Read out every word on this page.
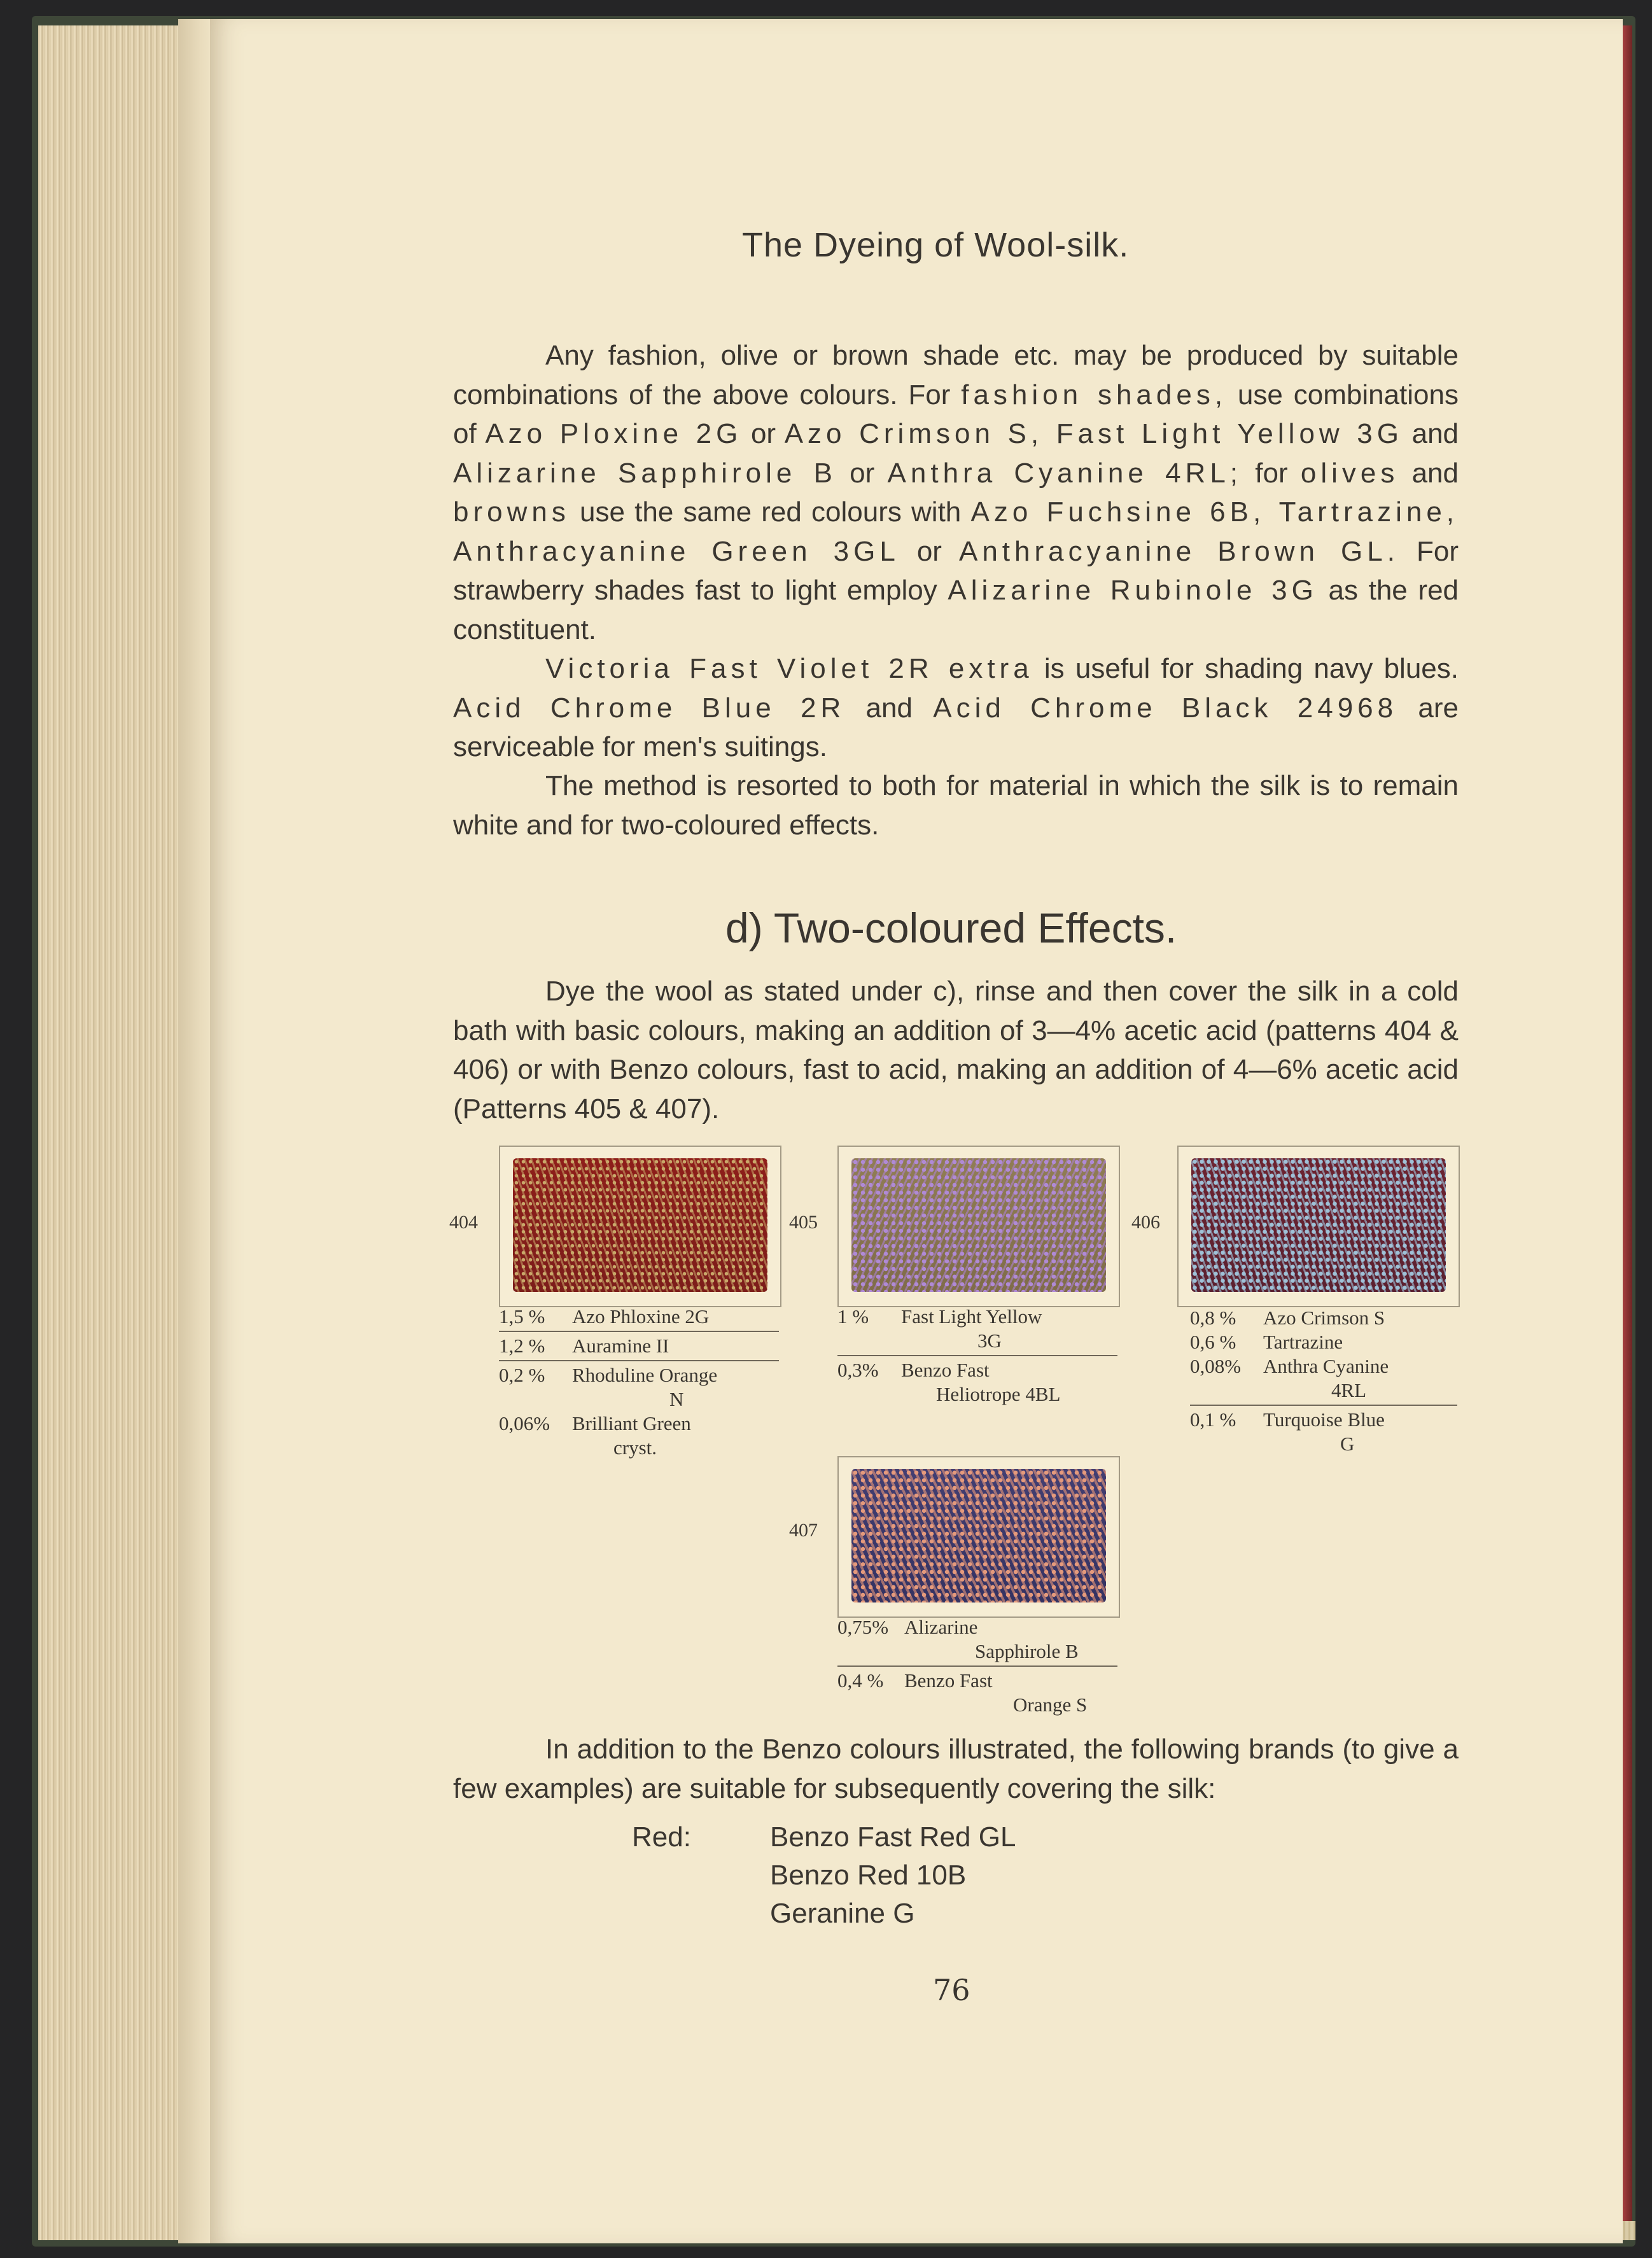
The Dyeing of Wool-silk.

Any fashion, olive or brown shade etc. may be produced by suitable combinations of the above colours. For fashion shades, use combinations of Azo Ploxine 2G or Azo Crimson S, Fast Light Yellow 3G and Alizarine Sapphirole B or Anthra Cyanine 4RL; for olives and browns use the same red colours with Azo Fuchsine 6B, Tartrazine, Anthracyanine Green 3GL or Anthracyanine Brown GL. For strawberry shades fast to light employ Alizarine Rubinole 3G as the red constituent.

Victoria Fast Violet 2R extra is useful for shading navy blues. Acid Chrome Blue 2R and Acid Chrome Black 24968 are serviceable for men's suitings.

The method is resorted to both for material in which the silk is to remain white and for two-coloured effects.

d) Two-coloured Effects.

Dye the wool as stated under c), rinse and then cover the silk in a cold bath with basic colours, making an addition of 3—4% acetic acid (patterns 404 & 406) or with Benzo colours, fast to acid, making an addition of 4—6% acetic acid (Patterns 405 & 407).

404
1,5 %	Azo Phloxine 2G
1,2 %	Auramine II
0,2 %	Rhoduline Orange
N
0,06%	Brilliant Green
cryst.
405
1 %	Fast Light Yellow
3G
0,3%	Benzo Fast
Heliotrope 4BL
406
0,8 %	Azo Crimson S
0,6 %	Tartrazine
0,08%	Anthra Cyanine
4RL
0,1 %	Turquoise Blue
G
407
0,75% Alizarine
Sapphirole B
0,4 %	Benzo Fast
Orange S

In addition to the Benzo colours illustrated, the following brands (to give a few examples) are suitable for subsequently covering the silk:

Red:	Benzo Fast Red GL
Benzo Red 10B
Geranine G
76
